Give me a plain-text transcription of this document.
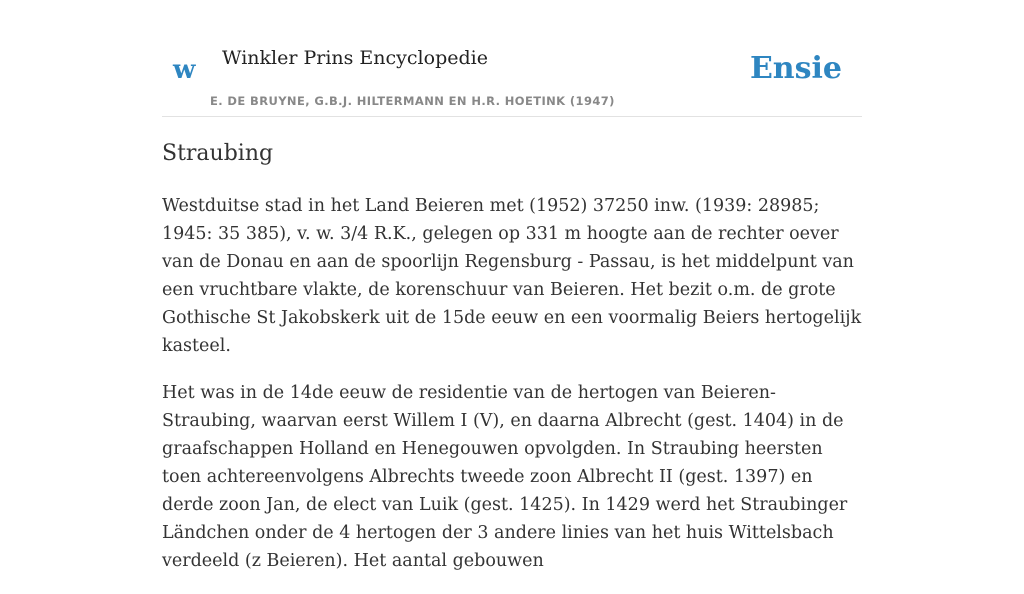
w Winkler Prins Encyclopedie
E. DE BRUYNE, G.B.J. HILTERMANN EN H.R. HOETINK (1947)
Ensie
Straubing

Westduitse stad in het Land Beieren met (1952) 37250 inw. (1939: 28985; 1945: 35 385), v. w. 3/4 R.K., gelegen op 331 m hoogte aan de rechter oever van de Donau en aan de spoorlijn Regensburg - Passau, is het middelpunt van een vruchtbare vlakte, de korenschuur van Beieren. Het bezit o.m. de grote Gothische St Jakobskerk uit de 15de eeuw en een voormalig Beiers hertogelijk kasteel.

Het was in de 14de eeuw de residentie van de hertogen van Beieren-Straubing, waarvan eerst Willem I (V), en daarna Albrecht (gest. 1404) in de graafschappen Holland en Henegouwen opvolgden. In Straubing heersten toen achtereenvolgens Albrechts tweede zoon Albrecht II (gest. 1397) en derde zoon Jan, de elect van Luik (gest. 1425). In 1429 werd het Straubinger Ländchen onder de 4 hertogen der 3 andere linies van het huis Wittelsbach verdeeld (z Beieren). Het aantal gebouwen
